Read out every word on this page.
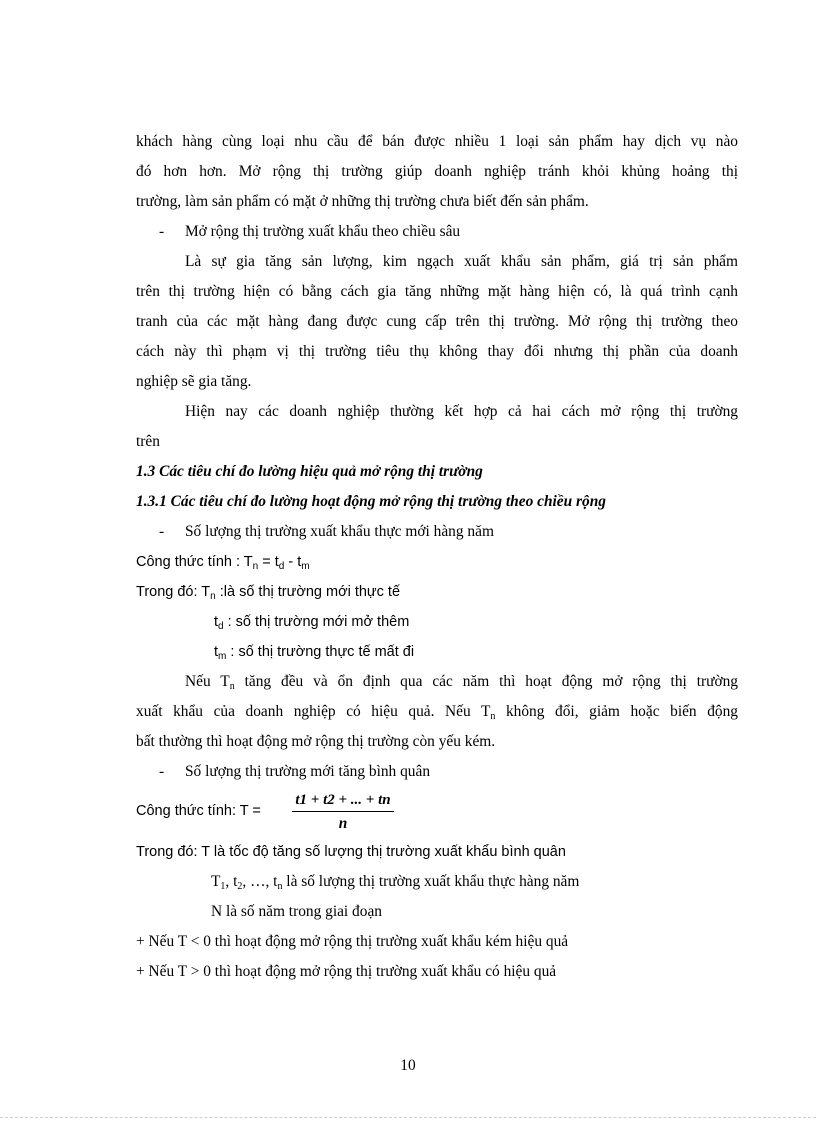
khách hàng cùng loại nhu cầu để bán được nhiều 1 loại sản phẩm hay dịch vụ nào
đó hơn hơn. Mở rộng thị trường giúp doanh nghiệp tránh khỏi khủng hoảng thị
trường, làm sản phẩm có mặt ở những thị trường chưa biết đến sản phẩm.
- Mở rộng thị trường xuất khẩu theo chiều sâu
Là sự gia tăng sản lượng, kim ngạch xuất khẩu sản phẩm, giá trị sản phẩm
trên thị trường hiện có bằng cách gia tăng những mặt hàng hiện có, là quá trình cạnh
tranh của các mặt hàng đang được cung cấp trên thị trường. Mở rộng thị trường theo
cách này thì phạm vị thị trường tiêu thụ không thay đổi nhưng thị phần của doanh
nghiệp sẽ gia tăng.
Hiện nay các doanh nghiệp thường kết hợp cả hai cách mở rộng thị trường
trên
1.3 Các tiêu chí đo lường hiệu quả mở rộng thị trường
1.3.1 Các tiêu chí đo lường hoạt động mở rộng thị trường theo chiều rộng
- Số lượng thị trường xuất khẩu thực mới hàng năm
Công thức tính : $T_n = t_d - t_m$
Trong đó: $T_n$ :là số thị trường mới thực tế
$t_d$ : số thị trường mới mở thêm
$t_m$ : số thị trường thực tế mất đi
Nếu $T_n$ tăng đều và ổn định qua các năm thì hoạt động mở rộng thị trường
xuất khẩu của doanh nghiệp có hiệu quả. Nếu $T_n$ không đổi, giảm hoặc biến động
bất thường thì hoạt động mở rộng thị trường còn yếu kém.
- Số lượng thị trường mới tăng bình quân
Công thức tính: T =
t1 + t2 + ... + tn
n
Trong đó: T là tốc độ tăng số lượng thị trường xuất khẩu bình quân
$T_1$, $t_2$, …, $t_n$ là số lượng thị trường xuất khẩu thực hàng năm
N là số năm trong giai đoạn
+ Nếu T < 0 thì hoạt động mở rộng thị trường xuất khẩu kém hiệu quả
+ Nếu T > 0 thì hoạt động mở rộng thị trường xuất khẩu có hiệu quả
10
